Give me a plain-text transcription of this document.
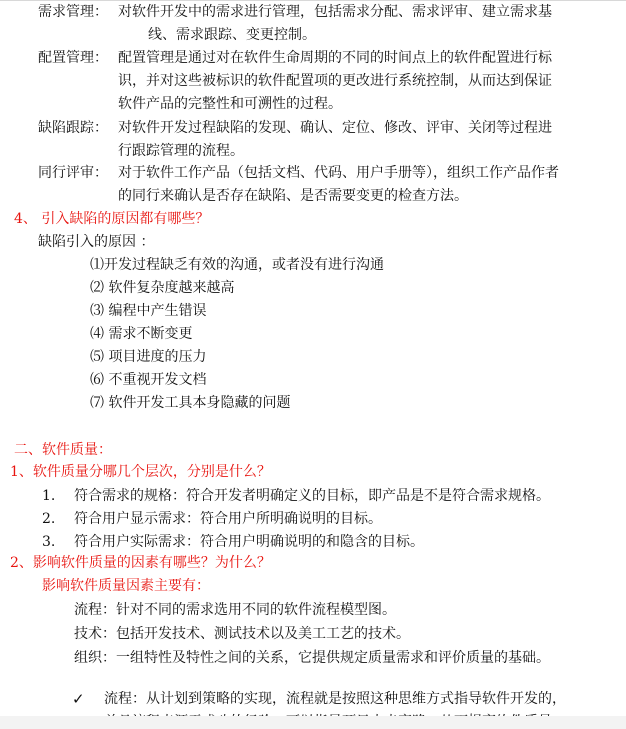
需求管理： 对软件开发中的需求进行管理，包括需求分配、需求评审、建立需求基
线、需求跟踪、变更控制。
配置管理： 配置管理是通过对在软件生命周期的不同的时间点上的软件配置进行标
识，并对这些被标识的软件配置项的更改进行系统控制，从而达到保证
软件产品的完整性和可溯性的过程。
缺陷跟踪： 对软件开发过程缺陷的发现、确认、定位、修改、评审、关闭等过程进
行跟踪管理的流程。
同行评审： 对于软件工作产品（包括文档、代码、用户手册等），组织工作产品作者
的同行来确认是否存在缺陷、是否需要变更的检查方法。
4、 引入缺陷的原因都有哪些？
缺陷引入的原因 ：
⑴开发过程缺乏有效的沟通，或者没有进行沟通
⑵ 软件复杂度越来越高
⑶ 编程中产生错误
⑷ 需求不断变更
⑸ 项目进度的压力
⑹ 不重视开发文档
⑺ 软件开发工具本身隐藏的问题
二、软件质量：
1、软件质量分哪几个层次，分别是什么？
1. 符合需求的规格：符合开发者明确定义的目标，即产品是不是符合需求规格。
2. 符合用户显示需求：符合用户所明确说明的目标。
3. 符合用户实际需求：符合用户明确说明的和隐含的目标。
2、影响软件质量的因素有哪些？为什么？
影响软件质量因素主要有：
流程：针对不同的需求选用不同的软件流程模型图。
技术：包括开发技术、测试技术以及美工工艺的技术。
组织：一组特性及特性之间的关系，它提供规定质量需求和评价质量的基础。
✓ 流程：从计划到策略的实现，流程就是按照这种思维方式指导软件开发的，
